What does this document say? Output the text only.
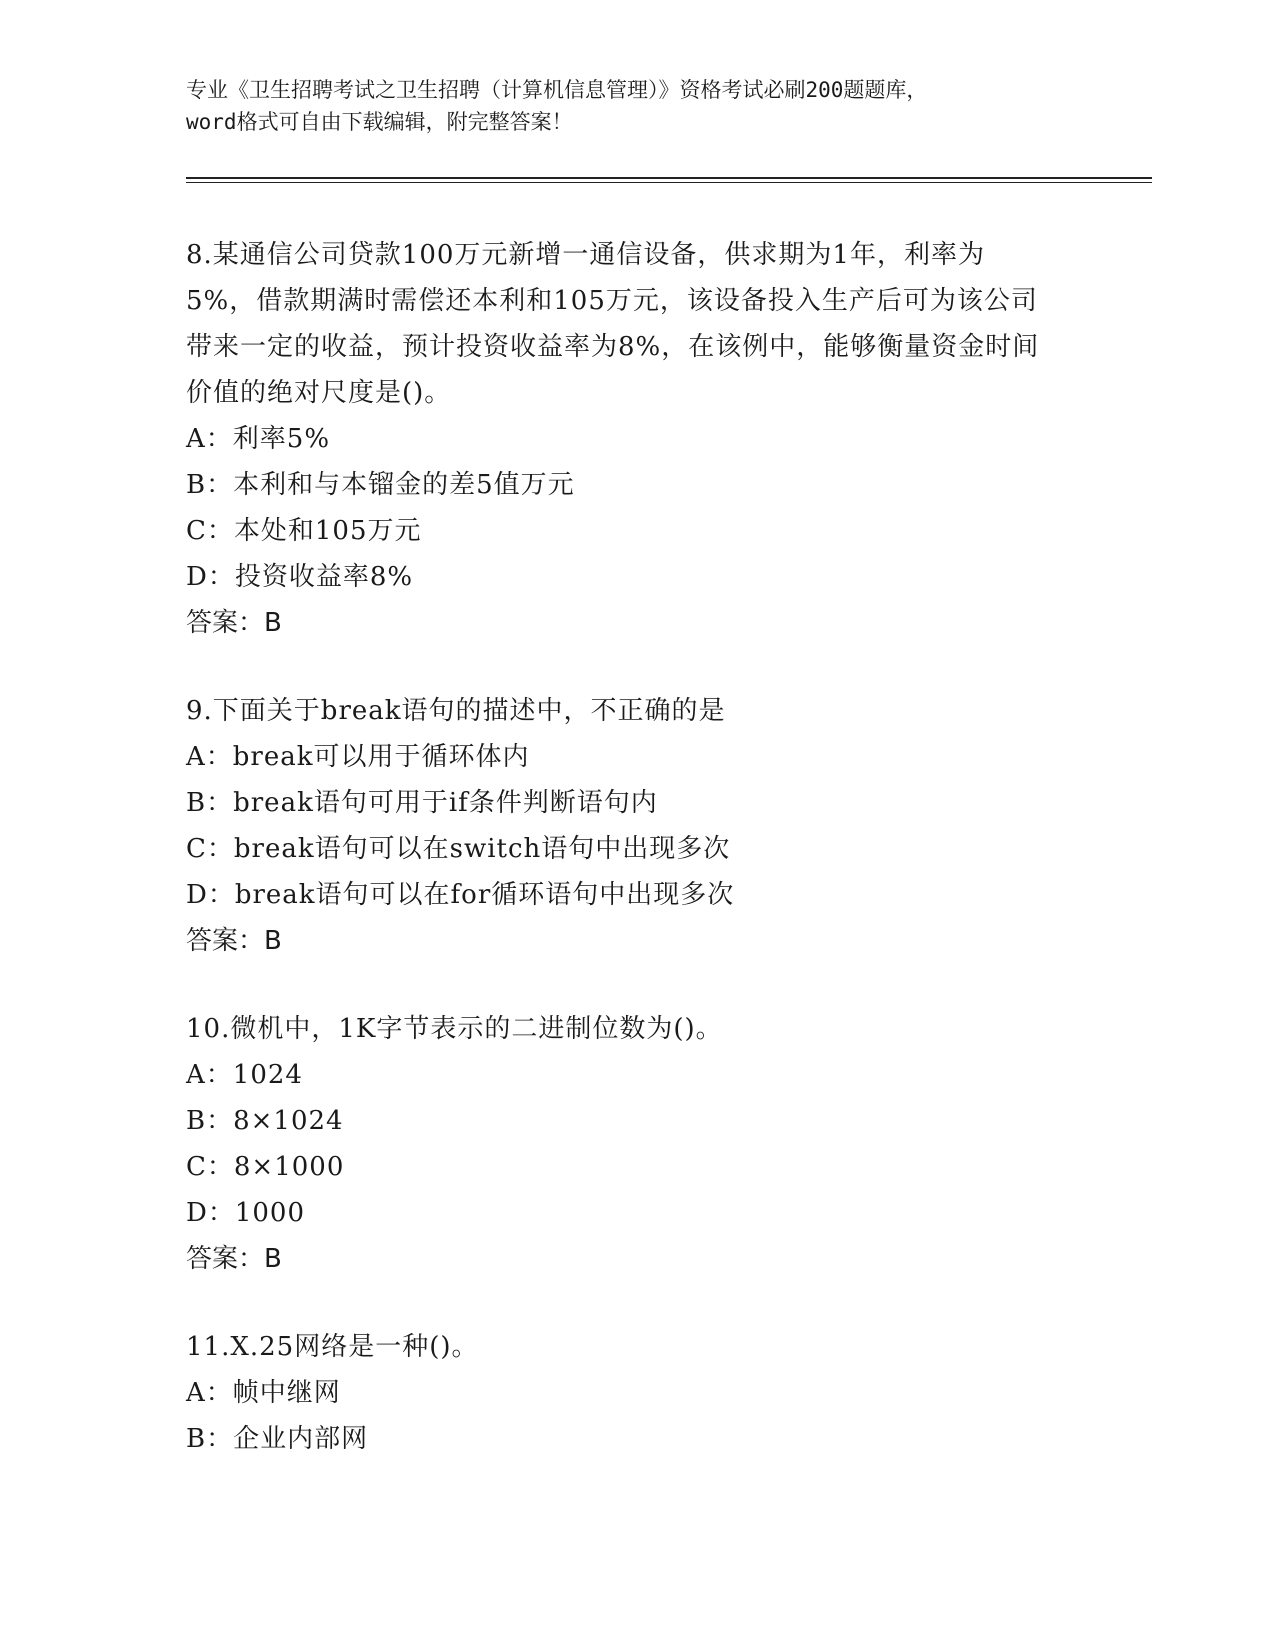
专业《卫生招聘考试之卫生招聘（计算机信息管理）》资格考试必刷200题题库，
word格式可自由下载编辑，附完整答案！
8.某通信公司贷款100万元新增一通信设备，供求期为1年，利率为5%，借款期满时需偿还本利和105万元，该设备投入生产后可为该公司带来一定的收益，预计投资收益率为8%，在该例中，能够衡量资金时间价值的绝对尺度是()。
A：利率5%
B：本利和与本镏金的差5值万元
C：本处和105万元
D：投资收益率8%
答案：B
9.下面关于break语句的描述中，不正确的是
A：break可以用于循环体内
B：break语句可用于if条件判断语句内
C：break语句可以在switch语句中出现多次
D：break语句可以在for循环语句中出现多次
答案：B
10.微机中，1K字节表示的二进制位数为()。
A：1024
B：8×1024
C：8×1000
D：1000
答案：B
11.X.25网络是一种()。
A：帧中继网
B：企业内部网
